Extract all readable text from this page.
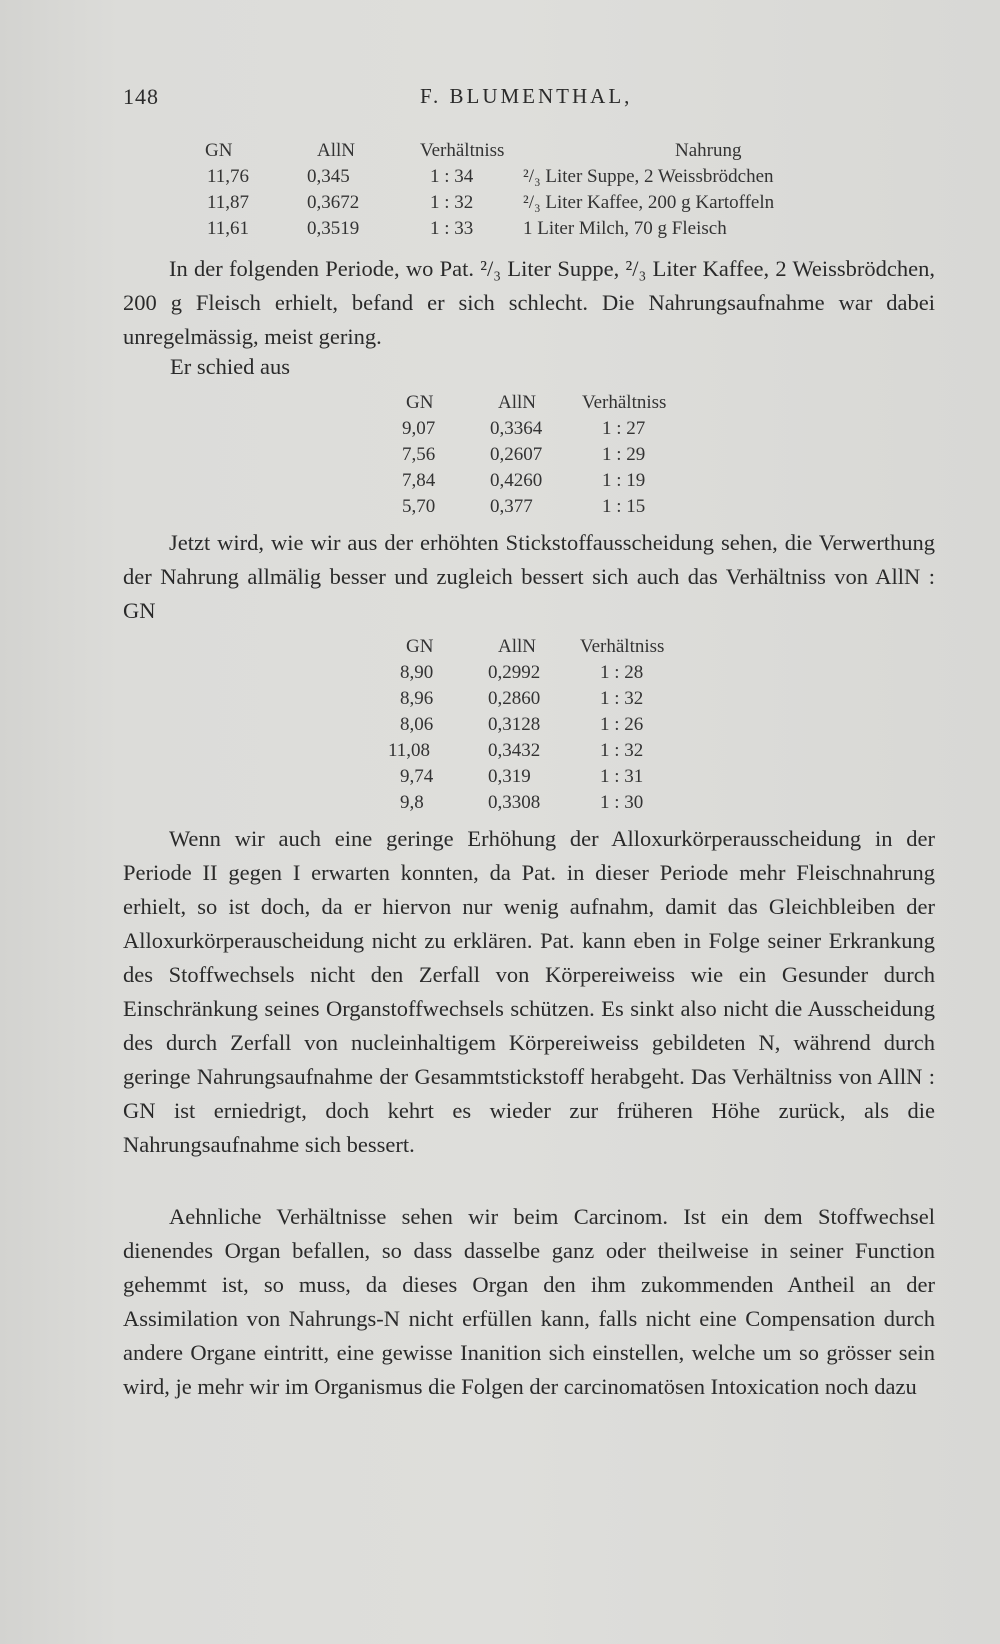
148	F. BLUMENTHAL,
GN	AllN	Verhältniss	Nahrung
11,76	0,345	1 : 34	²/₃ Liter Suppe, 2 Weissbrödchen
11,87	0,3672	1 : 32	²/₃ Liter Kaffee, 200 g Kartoffeln
11,61	0,3519	1 : 33	1 Liter Milch, 70 g Fleisch

In der folgenden Periode, wo Pat. ²/₃ Liter Suppe, ²/₃ Liter Kaffee, 2 Weissbrödchen, 200 g Fleisch erhielt, befand er sich schlecht. Die Nahrungsaufnahme war dabei unregelmässig, meist gering.

Er schied aus
GN	AllN Verhältniss
9,07	0,3364	1 : 27
7,56	0,2607	1 : 29
7,84	0,4260	1 : 19
5,70	0,377	1 : 15

Jetzt wird, wie wir aus der erhöhten Stickstoffausscheidung sehen, die Verwerthung der Nahrung allmälig besser und zugleich bessert sich auch das Verhältniss von AllN : GN

GN	AllN Verhältniss
8,90	0,2992	1 : 28
8,96	0,2860	1 : 32
8,06	0,3128	1 : 26
11,08	0,3432	1 : 32
9,74	0,319	1 : 31
9,8	0,3308	1 : 30

Wenn wir auch eine geringe Erhöhung der Alloxurkörperausscheidung in der Periode II gegen I erwarten konnten, da Pat. in dieser Periode mehr Fleischnahrung erhielt, so ist doch, da er hiervon nur wenig aufnahm, damit das Gleichbleiben der Alloxurkörperauscheidung nicht zu erklären. Pat. kann eben in Folge seiner Erkrankung des Stoffwechsels nicht den Zerfall von Körpereiweiss wie ein Gesunder durch Einschränkung seines Organstoffwechsels schützen. Es sinkt also nicht die Ausscheidung des durch Zerfall von nucleinhaltigem Körpereiweiss gebildeten N, während durch geringe Nahrungsaufnahme der Gesammtstickstoff herabgeht. Das Verhältniss von AllN : GN ist erniedrigt, doch kehrt es wieder zur früheren Höhe zurück, als die Nahrungsaufnahme sich bessert.

Aehnliche Verhältnisse sehen wir beim Carcinom. Ist ein dem Stoffwechsel dienendes Organ befallen, so dass dasselbe ganz oder theilweise in seiner Function gehemmt ist, so muss, da dieses Organ den ihm zukommenden Antheil an der Assimilation von Nahrungs-N nicht erfüllen kann, falls nicht eine Compensation durch andere Organe eintritt, eine gewisse Inanition sich einstellen, welche um so grösser sein wird, je mehr wir im Organismus die Folgen der carcinomatösen Intoxication noch dazu
